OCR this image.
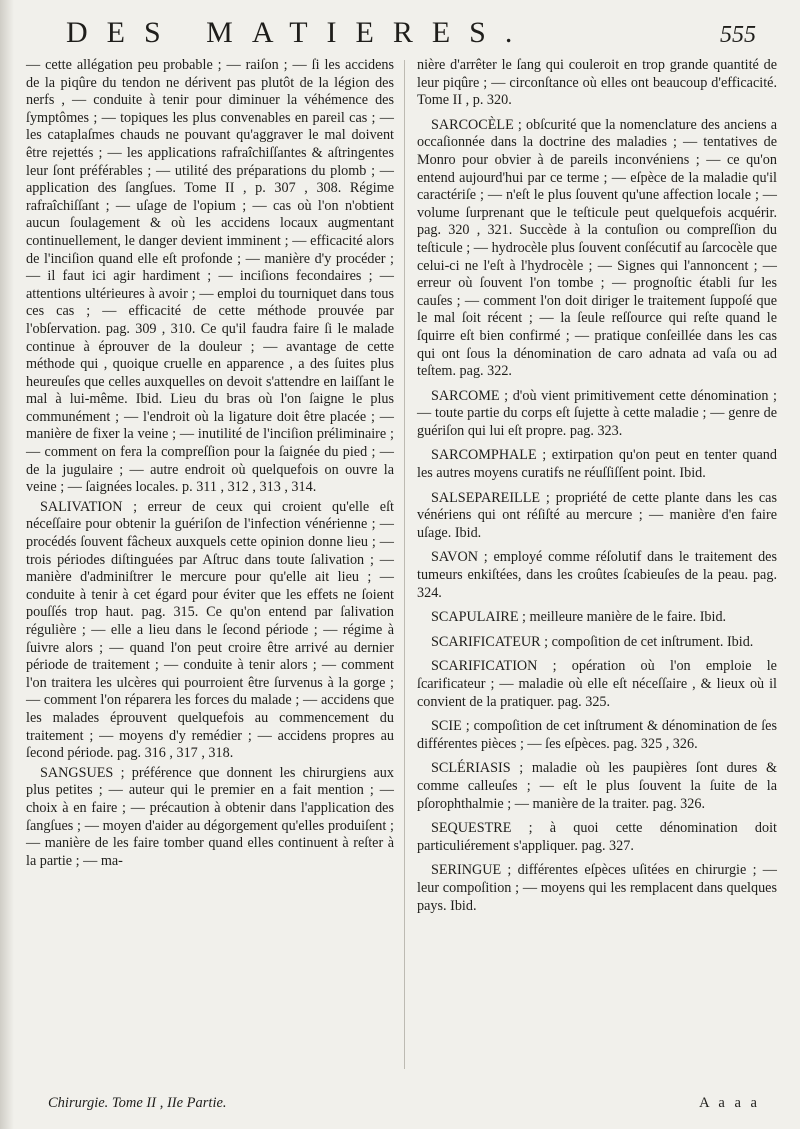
DES MATIERES.	555

— cette allégation peu probable ; — raiſon ; — ſi les accidens de la piqûre du tendon ne dérivent pas plutôt de la légion des nerfs , — conduite à tenir pour diminuer la véhémence des ſymptômes ; — topiques les plus convenables en pareil cas ; — les cataplaſmes chauds ne pouvant qu'aggraver le mal doivent être rejettés ; — les applications rafraîchiſſantes & aſtringentes leur ſont préférables ; — utilité des préparations du plomb ; — application des ſangſues. Tome II , p. 307 , 308. Régime rafraîchiſſant ; — uſage de l'opium ; — cas où l'on n'obtient aucun ſoulagement & où les accidens locaux augmentant continuellement, le danger devient imminent ; — efficacité alors de l'inciſion quand elle eſt profonde ; — manière d'y procéder ; — il faut ici agir hardiment ; — inciſions fecondaires ; — attentions ultérieures à avoir ; — emploi du tourniquet dans tous ces cas ; — efficacité de cette méthode prouvée par l'obſervation. pag. 309 , 310. Ce qu'il faudra faire ſi le malade continue à éprouver de la douleur ; — avantage de cette méthode qui , quoique cruelle en apparence , a des ſuites plus heureuſes que celles auxquelles on devoit s'attendre en laiſſant le mal à lui-même. Ibid. Lieu du bras où l'on ſaigne le plus communément ; — l'endroit où la ligature doit être placée ; — manière de fixer la veine ; — inutilité de l'inciſion préliminaire ; — comment on fera la compreſſion pour la ſaignée du pied ; — de la jugulaire ; — autre endroit où quelquefois on ouvre la veine ; — ſaignées locales. p. 311 , 312 , 313 , 314.

SALIVATION ; erreur de ceux qui croient qu'elle eſt néceſſaire pour obtenir la guériſon de l'infection vénérienne ; — procédés ſouvent fâcheux auxquels cette opinion donne lieu ; — trois périodes diſtinguées par Aſtruc dans toute ſalivation ; — manière d'adminiſtrer le mercure pour qu'elle ait lieu ; — conduite à tenir à cet égard pour éviter que les effets ne ſoient pouſſés trop haut. pag. 315. Ce qu'on entend par ſalivation régulière ; — elle a lieu dans le ſecond période ; — régime à ſuivre alors ; — quand l'on peut croire être arrivé au dernier période de traitement ; — conduite à tenir alors ; — comment l'on traitera les ulcères qui pourroient être ſurvenus à la gorge ; — comment l'on réparera les forces du malade ; — accidens que les malades éprouvent quelquefois au commencement du traitement ; — moyens d'y remédier ; — accidens propres au ſecond période. pag. 316 , 317 , 318.

SANGSUES ; préférence que donnent les chirurgiens aux plus petites ; — auteur qui le premier en a fait mention ; — choix à en faire ; — précaution à obtenir dans l'application des ſangſues ; — moyen d'aider au dégorgement qu'elles produiſent ; — manière de les faire tomber quand elles continuent à reſter à la partie ; — ma-

nière d'arrêter le ſang qui couleroit en trop grande quantité de leur piqûre ; — circonſtance où elles ont beaucoup d'efficacité. Tome II , p. 320.

SARCOCÈLE ; obſcurité que la nomenclature des anciens a occaſionnée dans la doctrine des maladies ; — tentatives de Monro pour obvier à de pareils inconvéniens ; — ce qu'on entend aujourd'hui par ce terme ; — eſpèce de la maladie qu'il caractériſe ; — n'eſt le plus ſouvent qu'une affection locale ; — volume ſurprenant que le teſticule peut quelquefois acquérir. pag. 320 , 321. Succède à la contuſion ou compreſſion du teſticule ; — hydrocèle plus ſouvent conſécutif au ſarcocèle que celui-ci ne l'eſt à l'hydrocèle ; — Signes qui l'annoncent ; — erreur où ſouvent l'on tombe ; — prognoſtic établi ſur les cauſes ; — comment l'on doit diriger le traitement ſuppoſé que le mal ſoit récent ; — la ſeule reſſource qui reſte quand le ſquirre eſt bien confirmé ; — pratique conſeillée dans les cas qui ont ſous la dénomination de caro adnata ad vaſa ou ad teſtem. pag. 322.

SARCOME ; d'où vient primitivement cette dénomination ; — toute partie du corps eſt ſujette à cette maladie ; — genre de guériſon qui lui eſt propre. pag. 323.

SARCOMPHALE ; extirpation qu'on peut en tenter quand les autres moyens curatifs ne réuſſiſſent point. Ibid.

SALSEPAREILLE ; propriété de cette plante dans les cas vénériens qui ont réſiſté au mercure ; — manière d'en faire uſage. Ibid.

SAVON ; employé comme réſolutif dans le traitement des tumeurs enkiſtées, dans les croûtes ſcabieuſes de la peau. pag. 324.

SCAPULAIRE ; meilleure manière de le faire. Ibid.

SCARIFICATEUR ; compoſition de cet inſtrument. Ibid.

SCARIFICATION ; opération où l'on emploie le ſcarificateur ; — maladie où elle eſt néceſſaire , & lieux où il convient de la pratiquer. pag. 325.

SCIE ; compoſition de cet inſtrument & dénomination de ſes différentes pièces ; — ſes eſpèces. pag. 325 , 326.

SCLÉRIASIS ; maladie où les paupières ſont dures & comme calleuſes ; — eſt le plus ſouvent la ſuite de la pſorophthalmie ; — manière de la traiter. pag. 326.

SEQUESTRE ; à quoi cette dénomination doit particuliérement s'appliquer. pag. 327.

SERINGUE ; différentes eſpèces uſitées en chirurgie ; — leur compoſition ; — moyens qui les remplacent dans quelques pays. Ibid.

Chirurgie. Tome II , IIe Partie.	A a a a
